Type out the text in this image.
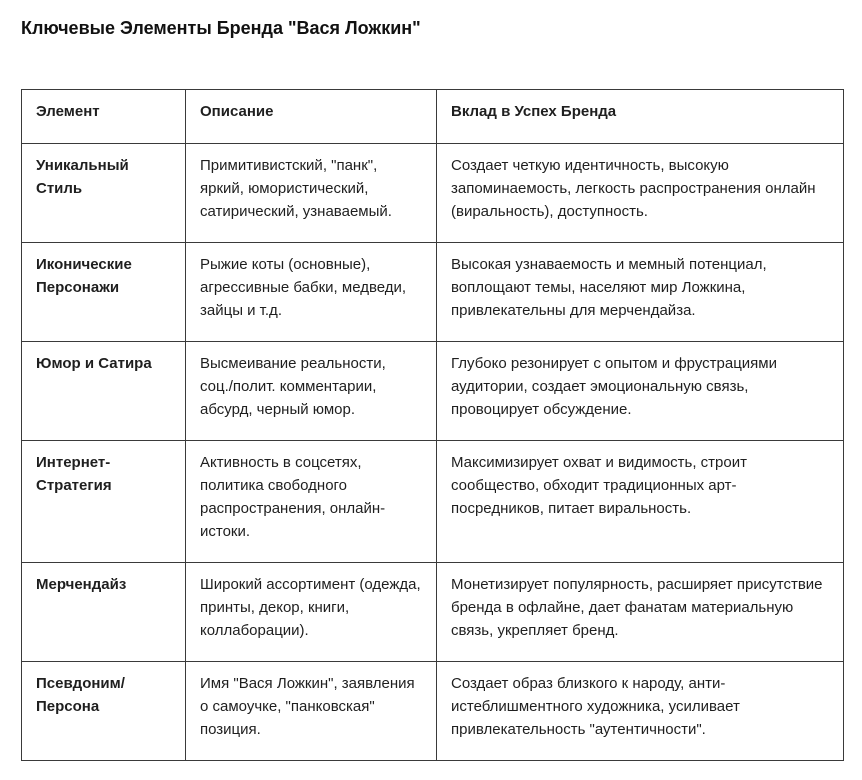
Ключевые Элементы Бренда "Вася Ложкин"
Элемент	Описание	Вклад в Успех Бренда
Уникальный Стиль	Примитивистский, "панк", яркий, юмористический, сатирический, узнаваемый.	Создает четкую идентичность, высокую запоминаемость, легкость распространения онлайн (виральность), доступность.
Иконические Персонажи	Рыжие коты (основные), агрессивные бабки, медведи, зайцы и т.д.	Высокая узнаваемость и мемный потенциал, воплощают темы, населяют мир Ложкина, привлекательны для мерчендайза.
Юмор и Сатира	Высмеивание реальности, соц./полит. комментарии, абсурд, черный юмор.	Глубоко резонирует с опытом и фрустрациями аудитории, создает эмоциональную связь, провоцирует обсуждение.
Интернет-Стратегия	Активность в соцсетях, политика свободного распространения, онлайн-истоки.	Максимизирует охват и видимость, строит сообщество, обходит традиционных арт-посредников, питает виральность.
Мерчендайз	Широкий ассортимент (одежда, принты, декор, книги, коллаборации).	Монетизирует популярность, расширяет присутствие бренда в офлайне, дает фанатам материальную связь, укрепляет бренд.
Псевдоним/Персона	Имя "Вася Ложкин", заявления о самоучке, "панковская" позиция.	Создает образ близкого к народу, анти-истеблишментного художника, усиливает привлекательность "аутентичности".
